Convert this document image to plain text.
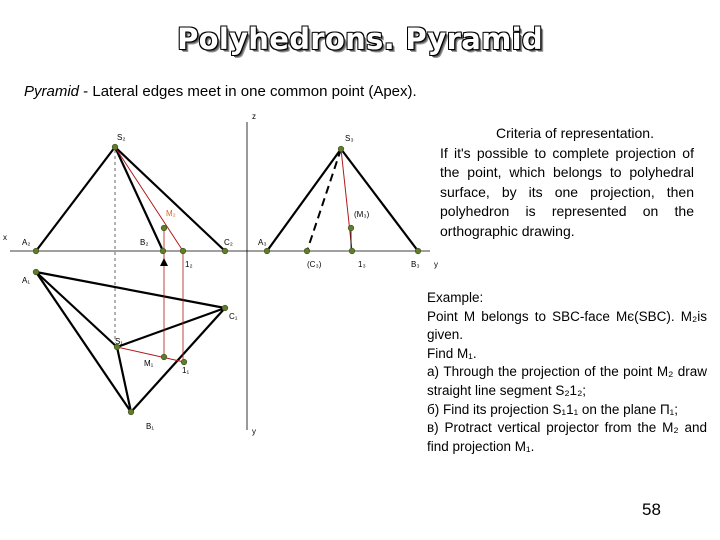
Polyhedrons. Pyramid
Pyramid - Lateral edges meet in one common point (Apex).
x
y
z
y
S₂
M₂
A₂	B₂
1₂
C₂	A₃
S₃
(M₃)
(C₃)	1₃	B₃
A₁
C₁
S₁
M₁
1₁
B₁
Criteria of representation.
If it's possible to complete projection of the point, which belongs to polyhedral surface, by its one projection, then polyhedron is represented on the orthographic drawing.

Example:

Point M belongs to SBC-face Mє(SBC). M₂is given.

Find M₁.

а) Through the projection of the point M₂ draw straight line segment S₂1₂;

б) Find its projection S₁1₁ on the plane П₁;

в) Protract vertical projector from the M₂ and find projection M₁.

58
